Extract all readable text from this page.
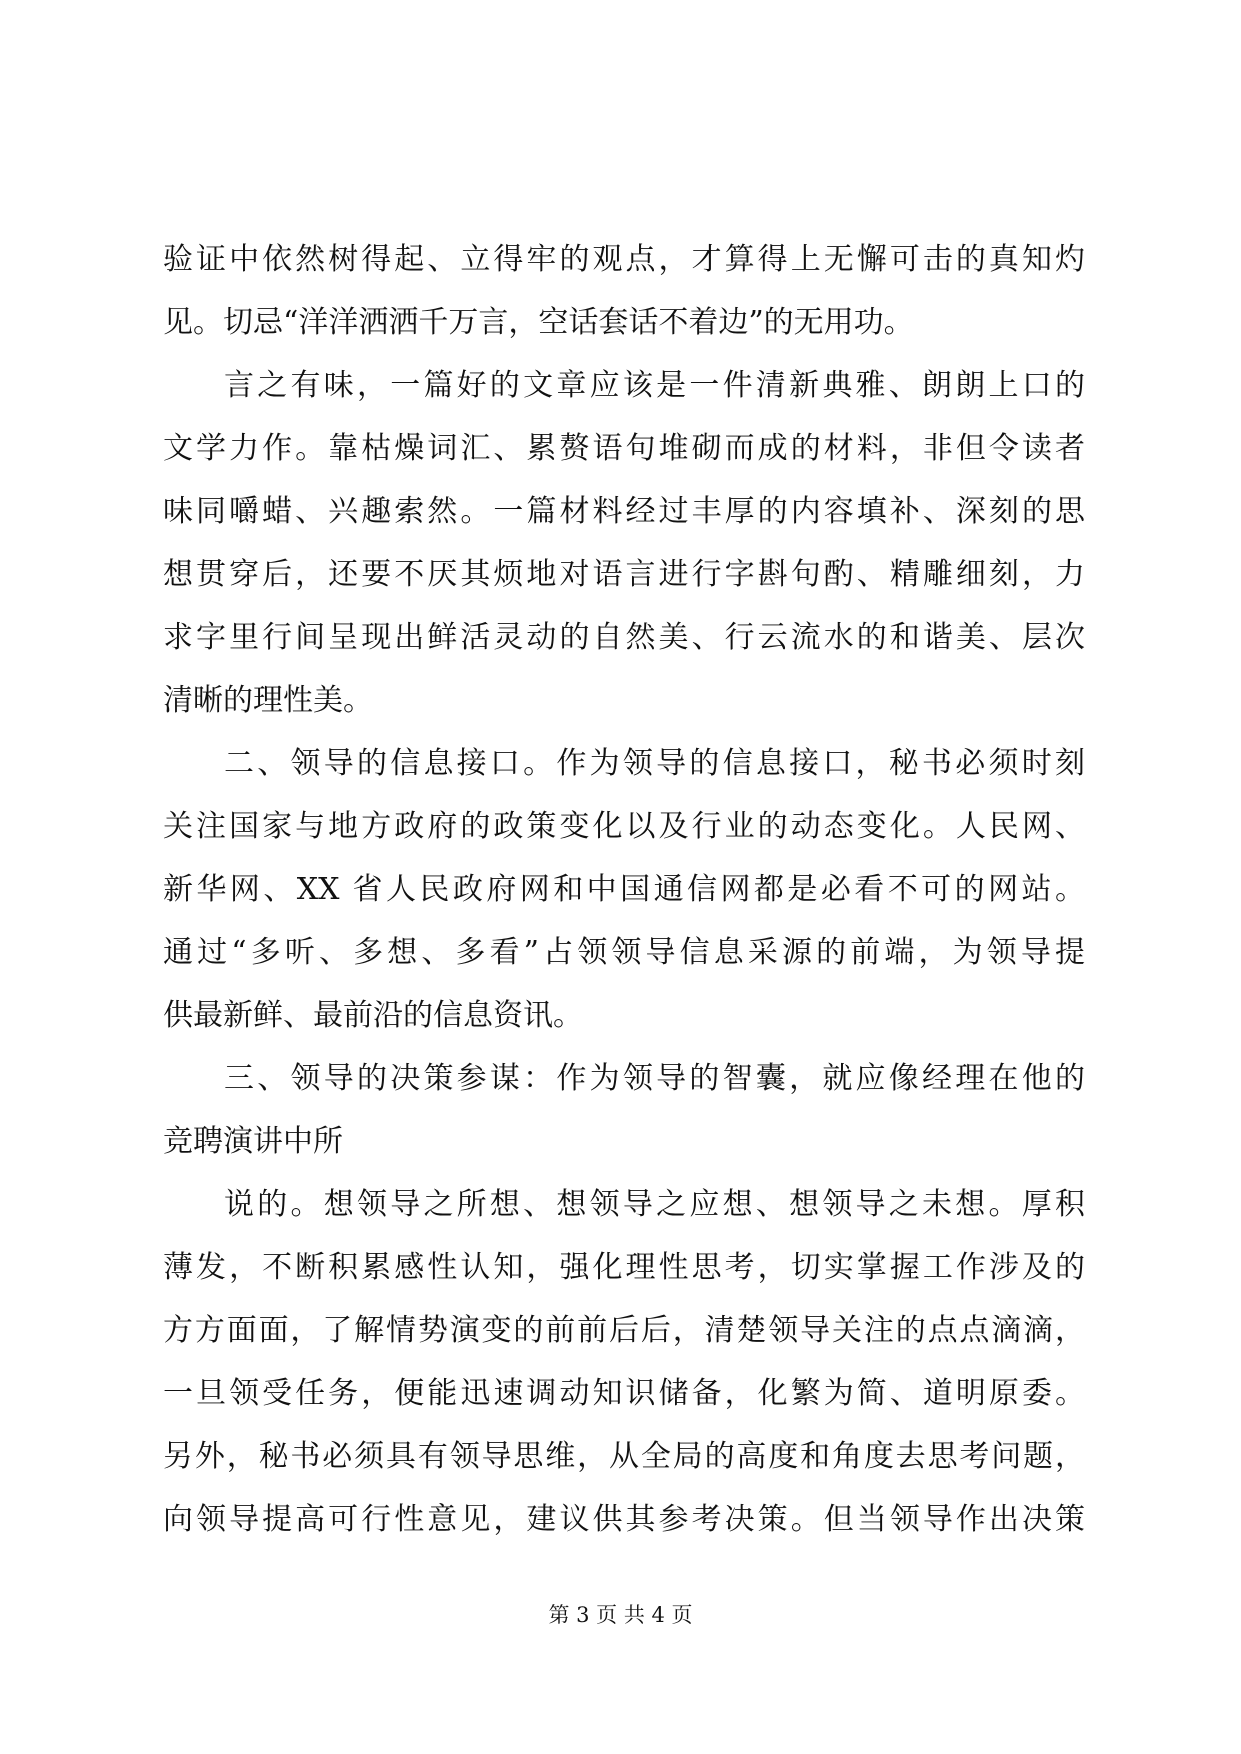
验证中依然树得起、立得牢的观点，才算得上无懈可击的真知灼
见。切忌“洋洋洒洒千万言，空话套话不着边”的无用功。
言之有味，一篇好的文章应该是一件清新典雅、朗朗上口的
文学力作。靠枯燥词汇、累赘语句堆砌而成的材料，非但令读者
味同嚼蜡、兴趣索然。一篇材料经过丰厚的内容填补、深刻的思
想贯穿后，还要不厌其烦地对语言进行字斟句酌、精雕细刻，力
求字里行间呈现出鲜活灵动的自然美、行云流水的和谐美、层次
清晰的理性美。
二、领导的信息接口。作为领导的信息接口，秘书必须时刻
关注国家与地方政府的政策变化以及行业的动态变化。人民网、
新华网、XX 省人民政府网和中国通信网都是必看不可的网站。
通过“多听、多想、多看”占领领导信息采源的前端，为领导提
供最新鲜、最前沿的信息资讯。
三、领导的决策参谋：作为领导的智囊，就应像经理在他的
竞聘演讲中所
说的。想领导之所想、想领导之应想、想领导之未想。厚积
薄发，不断积累感性认知，强化理性思考，切实掌握工作涉及的
方方面面，了解情势演变的前前后后，清楚领导关注的点点滴滴，
一旦领受任务，便能迅速调动知识储备，化繁为简、道明原委。
另外，秘书必须具有领导思维，从全局的高度和角度去思考问题，
向领导提高可行性意见，建议供其参考决策。但当领导作出决策
第 3 页 共 4 页
